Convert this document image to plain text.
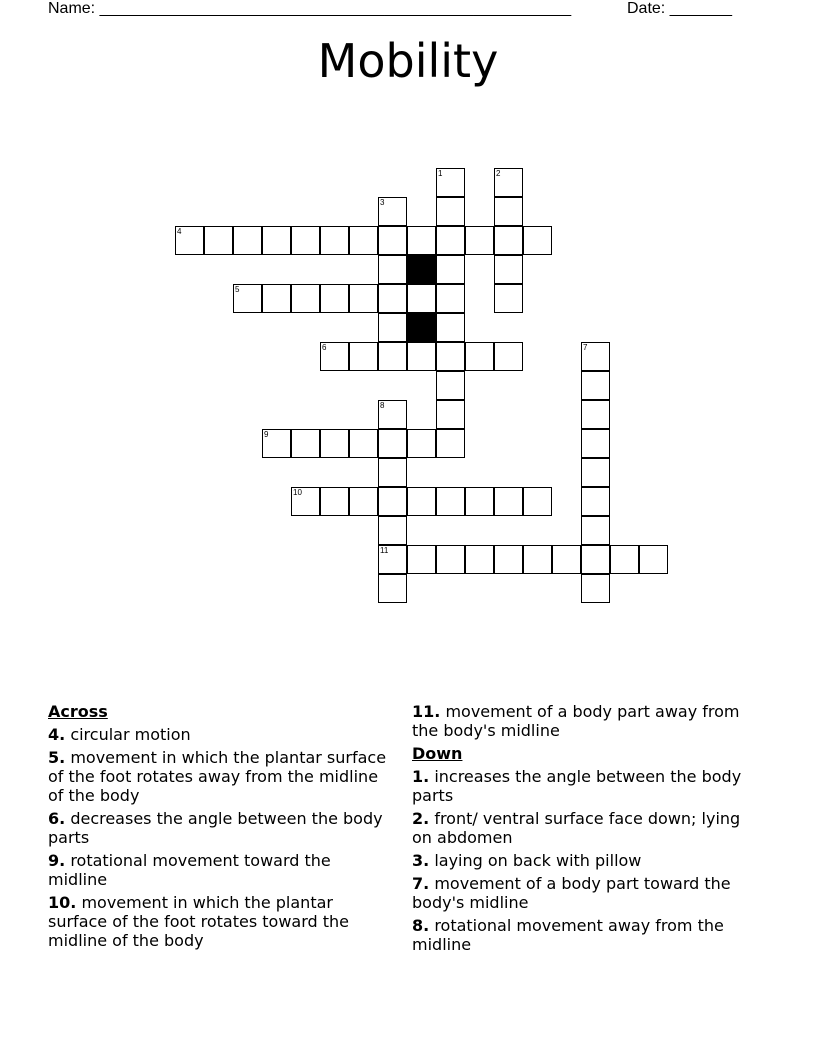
Name: _____________________________________________________	Date: _______
Mobility
1	2
3
4
5
6	7
8
9
10
11
Across
4. circular motion
5. movement in which the plantar surface of the foot rotates away from the midline of the body
6. decreases the angle between the body parts
9. rotational movement toward the midline
10. movement in which the plantar surface of the foot rotates toward the midline of the body
11. movement of a body part away from the body's midline
Down
1. increases the angle between the body parts
2. front/ ventral surface face down; lying on abdomen
3. laying on back with pillow
7. movement of a body part toward the body's midline
8. rotational movement away from the midline
